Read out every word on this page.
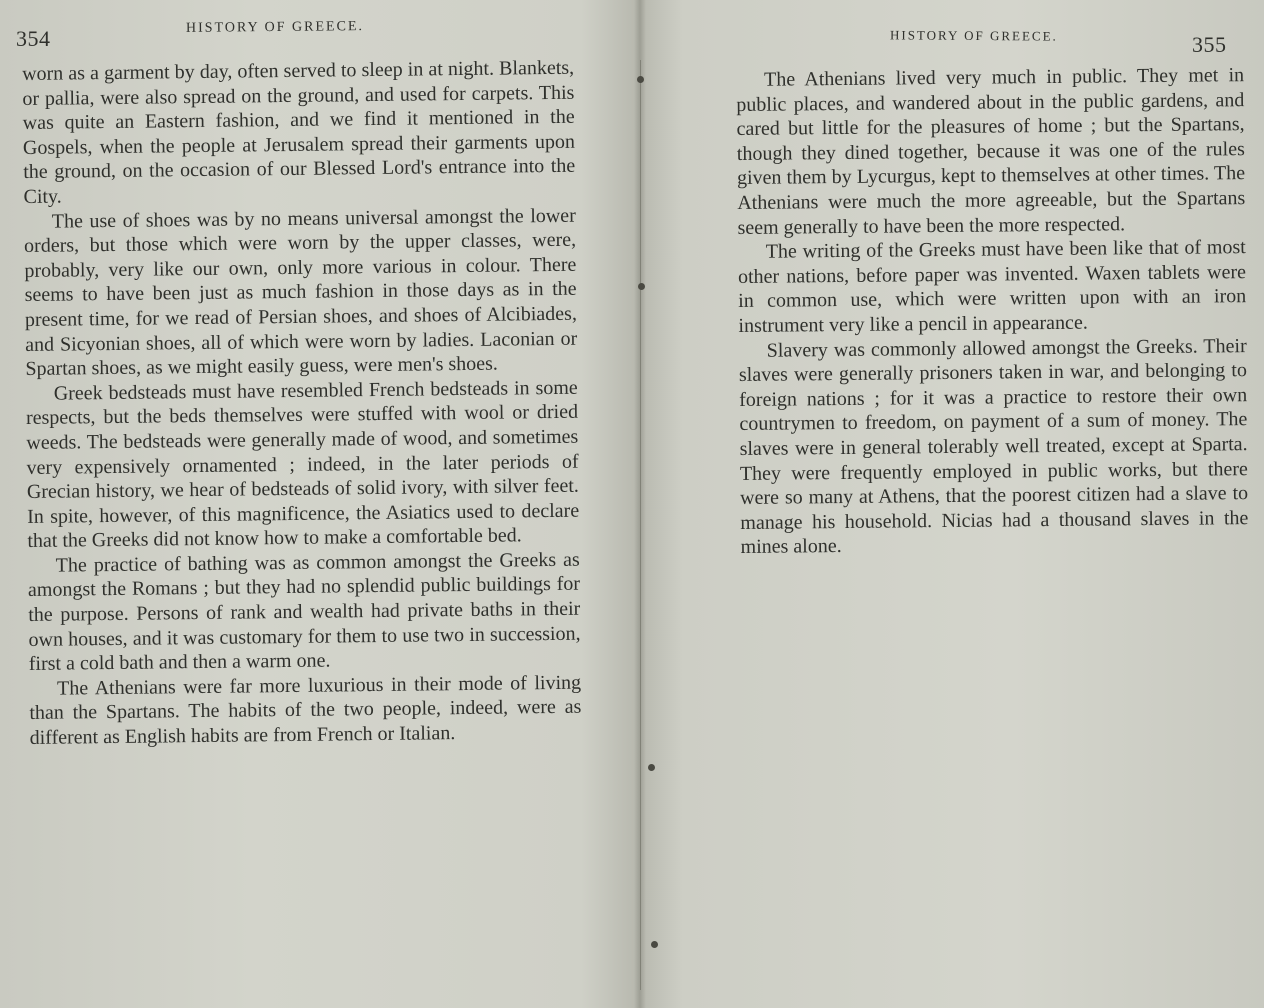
354	HISTORY OF GREECE.

worn as a garment by day, often served to sleep in at night. Blankets, or pallia, were also spread on the ground, and used for carpets. This was quite an Eastern fashion, and we find it mentioned in the Gospels, when the people at Jerusalem spread their garments upon the ground, on the occasion of our Blessed Lord's entrance into the City.

The use of shoes was by no means universal amongst the lower orders, but those which were worn by the upper classes, were, probably, very like our own, only more various in colour. There seems to have been just as much fashion in those days as in the present time, for we read of Persian shoes, and shoes of Alcibiades, and Sicyonian shoes, all of which were worn by ladies. Laconian or Spartan shoes, as we might easily guess, were men's shoes.

Greek bedsteads must have resembled French bedsteads in some respects, but the beds themselves were stuffed with wool or dried weeds. The bedsteads were generally made of wood, and sometimes very expensively ornamented ; indeed, in the later periods of Grecian history, we hear of bedsteads of solid ivory, with silver feet. In spite, however, of this magnificence, the Asiatics used to declare that the Greeks did not know how to make a comfortable bed.

The practice of bathing was as common amongst the Greeks as amongst the Romans ; but they had no splendid public buildings for the purpose. Persons of rank and wealth had private baths in their own houses, and it was customary for them to use two in succession, first a cold bath and then a warm one.

The Athenians were far more luxurious in their mode of living than the Spartans. The habits of the two people, indeed, were as different as English habits are from French or Italian.

HISTORY OF GREECE.	355

The Athenians lived very much in public. They met in public places, and wandered about in the public gardens, and cared but little for the pleasures of home ; but the Spartans, though they dined together, because it was one of the rules given them by Lycurgus, kept to themselves at other times. The Athenians were much the more agreeable, but the Spartans seem generally to have been the more respected.

The writing of the Greeks must have been like that of most other nations, before paper was invented. Waxen tablets were in common use, which were written upon with an iron instrument very like a pencil in appearance.

Slavery was commonly allowed amongst the Greeks. Their slaves were generally prisoners taken in war, and belonging to foreign nations ; for it was a practice to restore their own countrymen to freedom, on payment of a sum of money. The slaves were in general tolerably well treated, except at Sparta. They were frequently employed in public works, but there were so many at Athens, that the poorest citizen had a slave to manage his household. Nicias had a thousand slaves in the mines alone.
